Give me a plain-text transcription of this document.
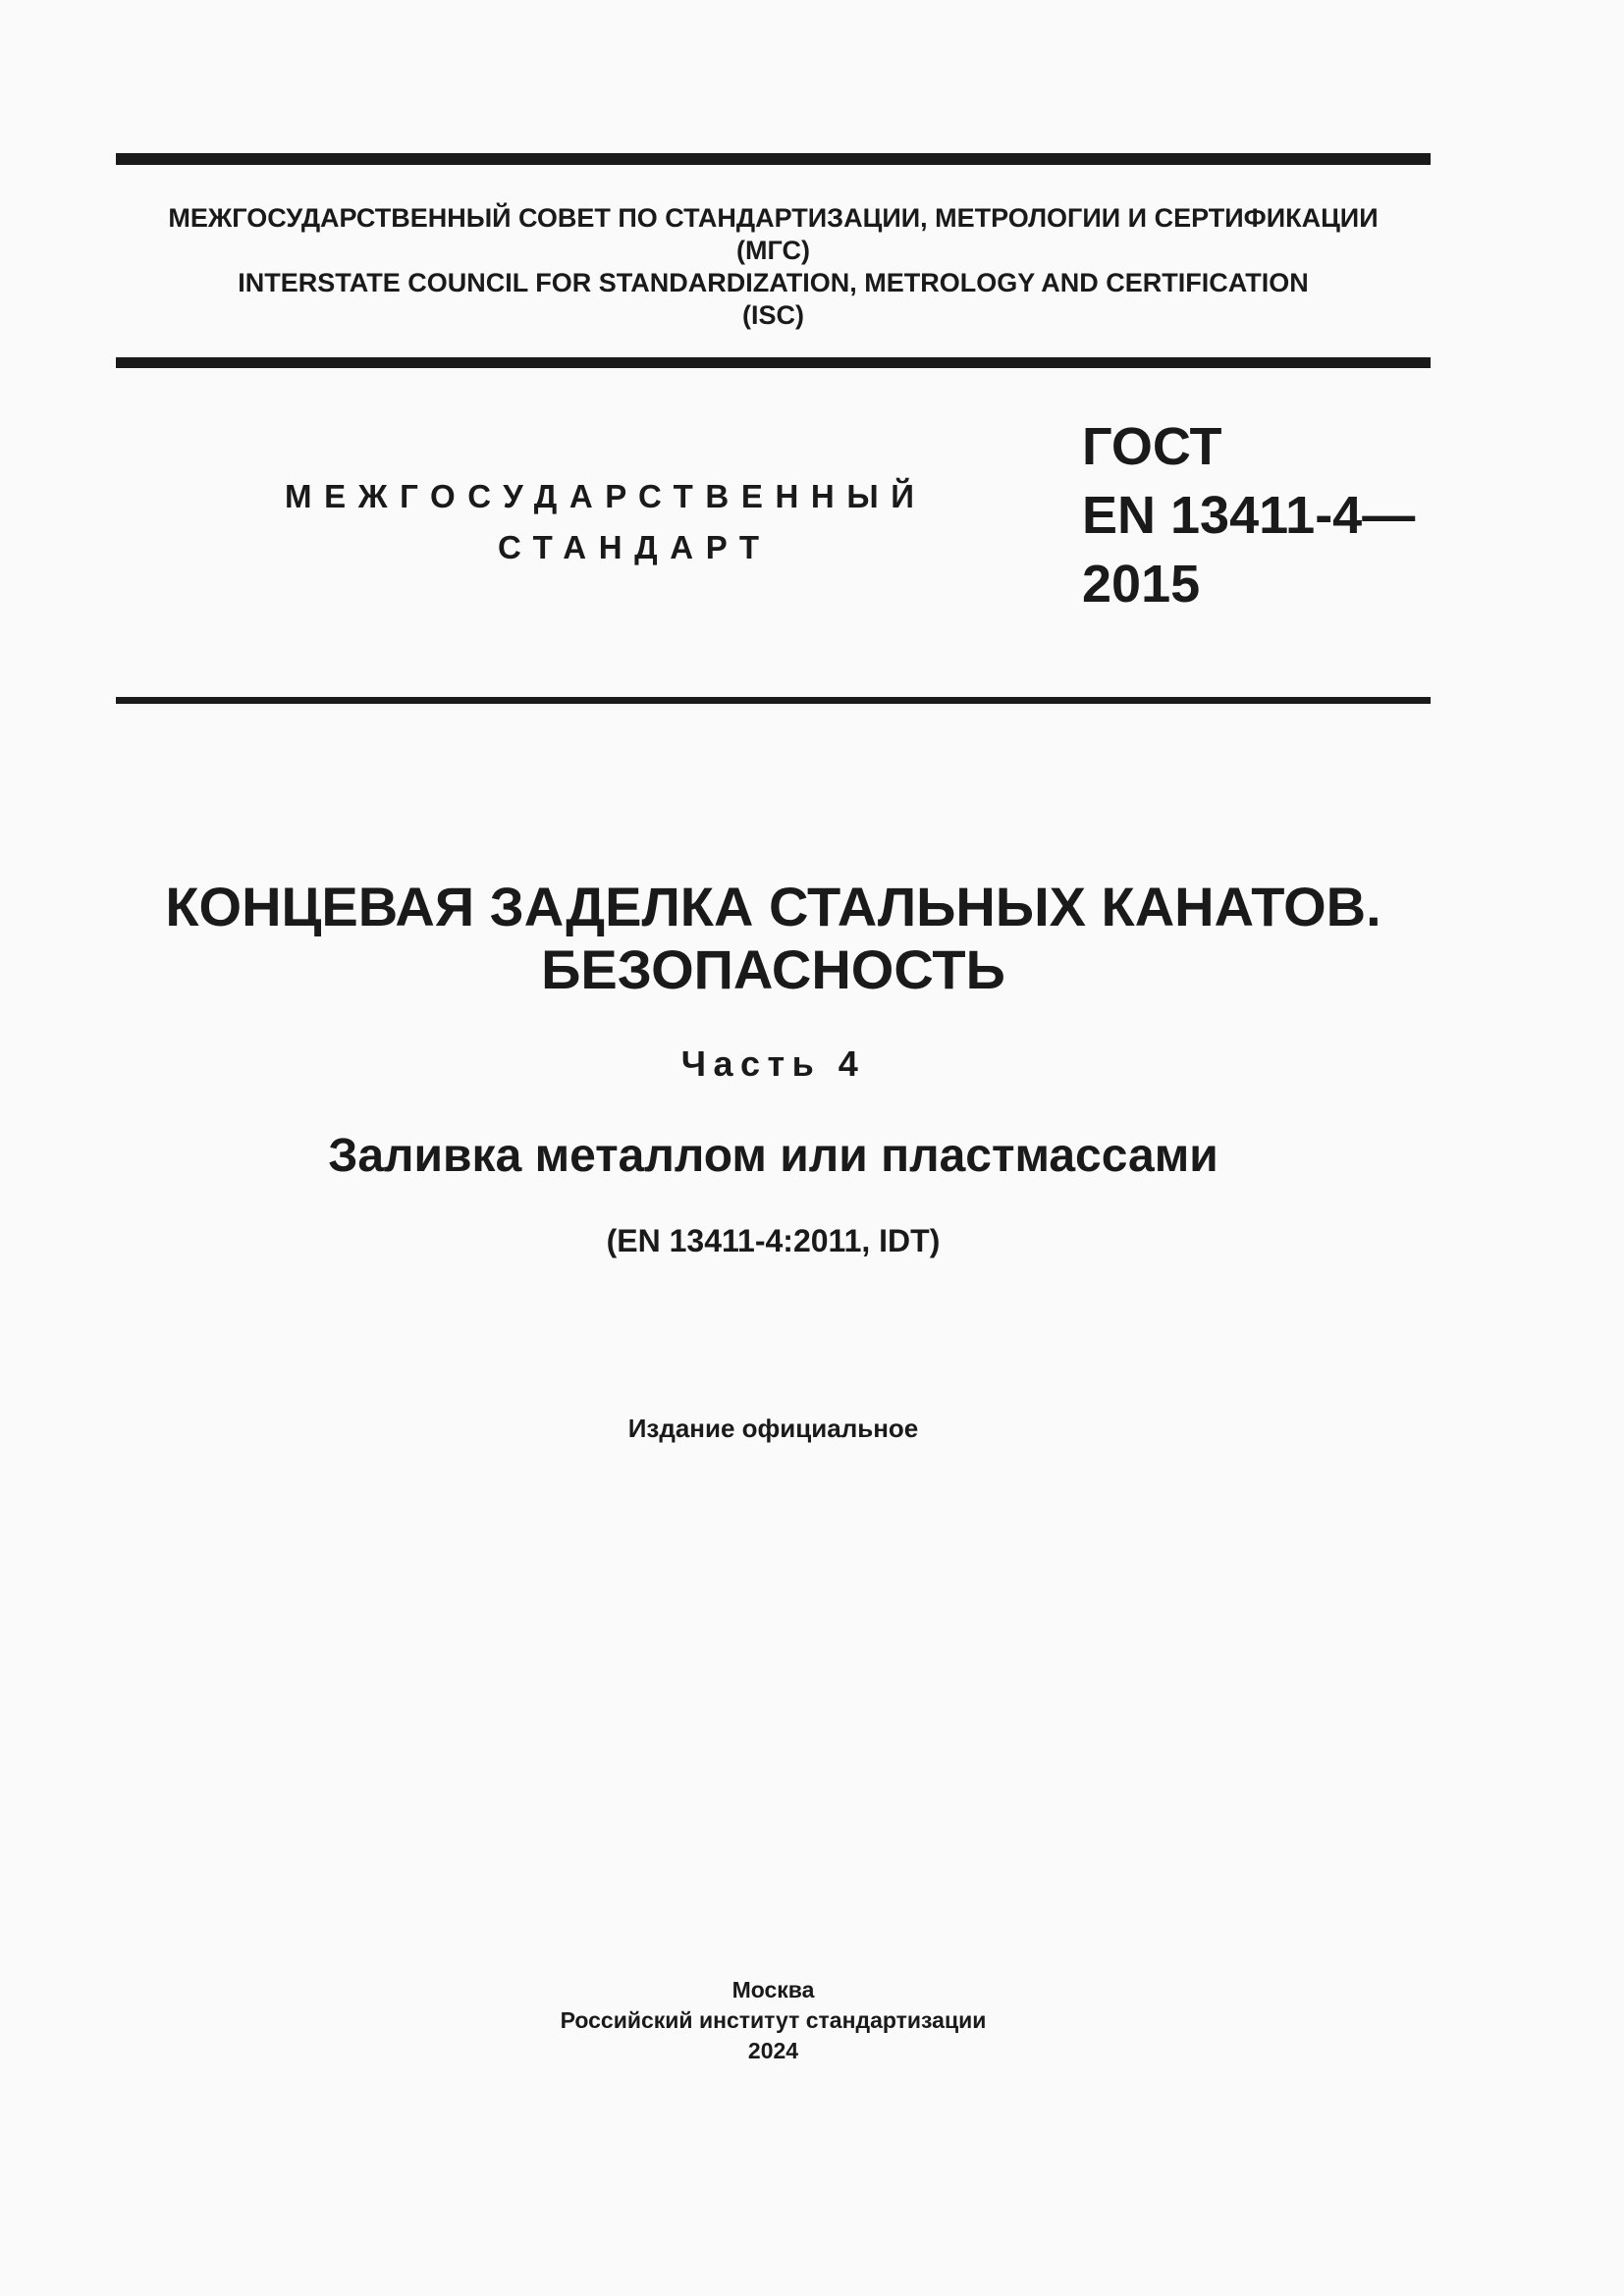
МЕЖГОСУДАРСТВЕННЫЙ СОВЕТ ПО СТАНДАРТИЗАЦИИ, МЕТРОЛОГИИ И СЕРТИФИКАЦИИ
(МГС)
INTERSTATE COUNCIL FOR STANDARDIZATION, METROLOGY AND CERTIFICATION
(ISC)
МЕЖГОСУДАРСТВЕННЫЙ
СТАНДАРТ
ГОСТ
EN 13411-4—
2015
КОНЦЕВАЯ ЗАДЕЛКА СТАЛЬНЫХ КАНАТОВ.
БЕЗОПАСНОСТЬ
Часть 4
Заливка металлом или пластмассами
(EN 13411-4:2011, IDT)
Издание официальное
Москва
Российский институт стандартизации
2024
